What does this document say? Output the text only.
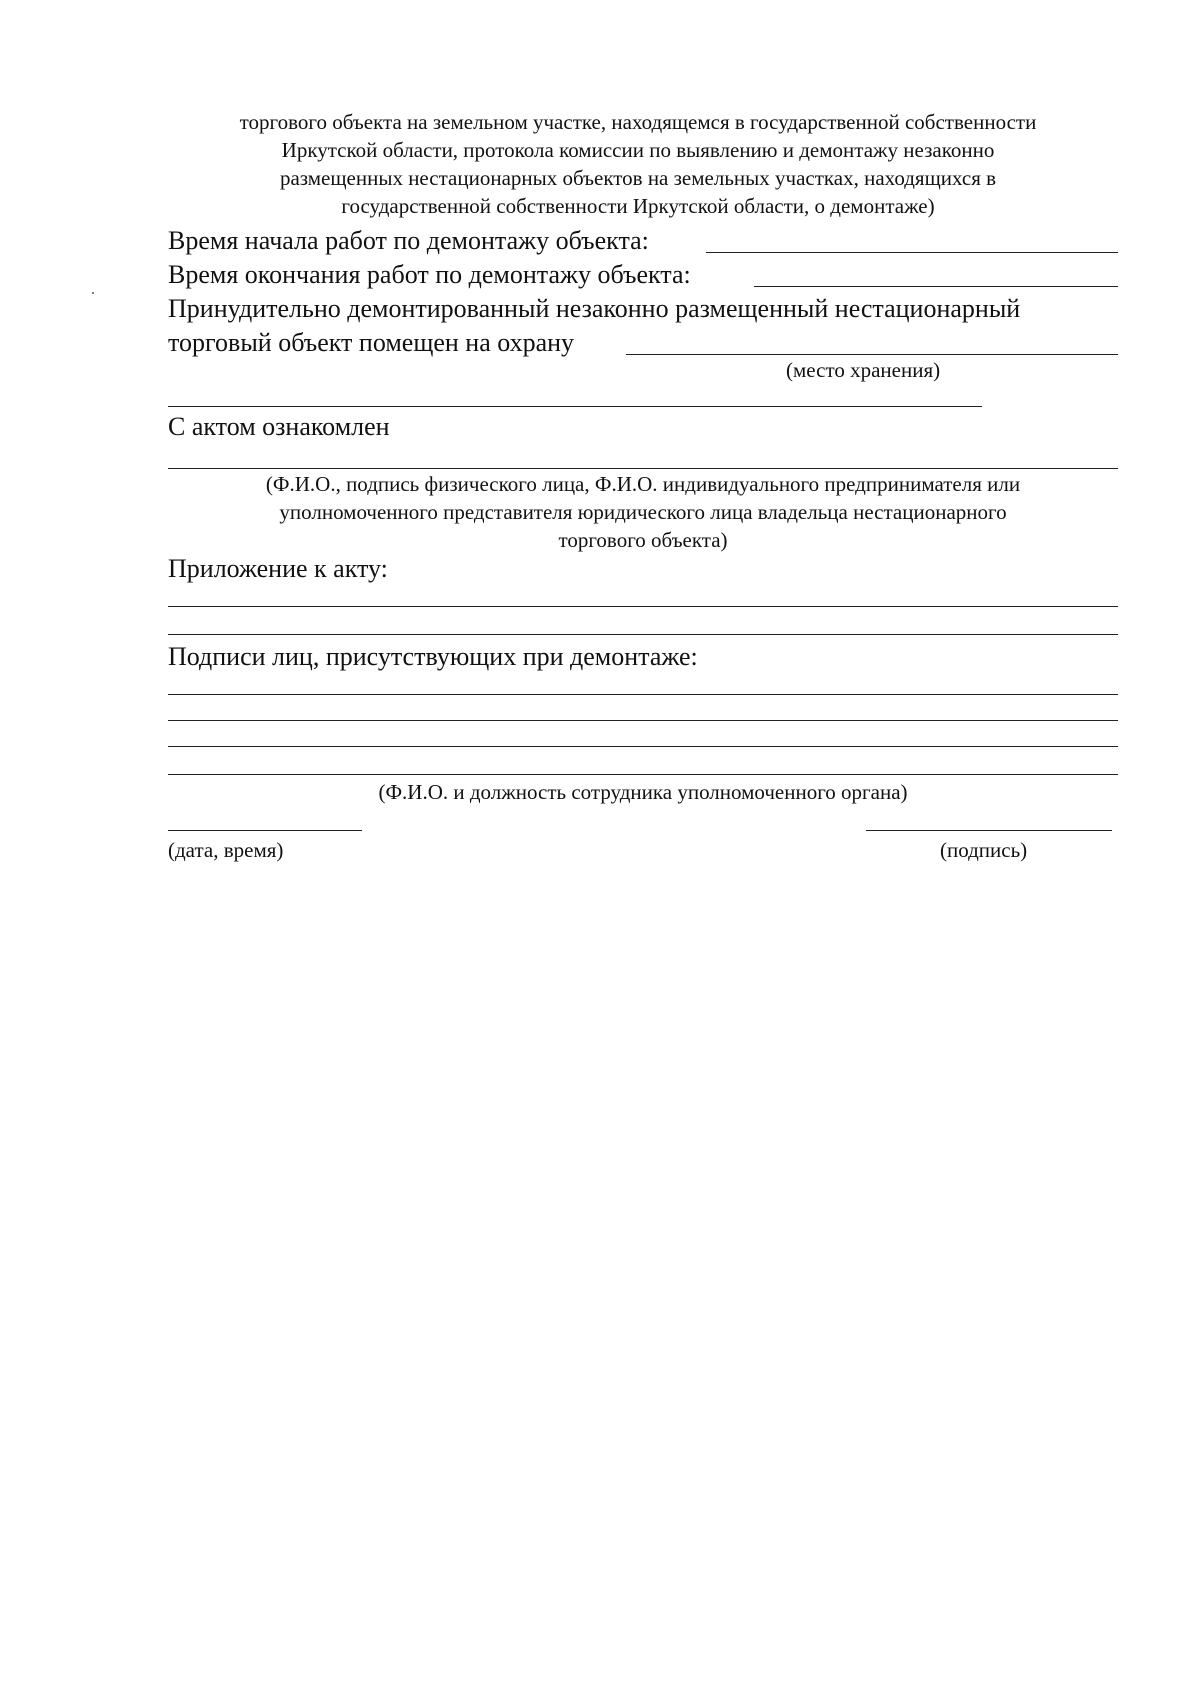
торгового объекта на земельном участке, находящемся в государственной собственности
Иркутской области, протокола комиссии по выявлению и демонтажу незаконно
размещенных нестационарных объектов на земельных участках, находящихся в
государственной собственности Иркутской области, о демонтаже)
Время начала работ по демонтажу объекта:
Время окончания работ по демонтажу объекта:
Принудительно демонтированный незаконно размещенный нестационарный
торговый объект помещен на охрану
(место хранения)
С актом ознакомлен
(Ф.И.О., подпись физического лица, Ф.И.О. индивидуального предпринимателя или
уполномоченного представителя юридического лица владельца нестационарного
торгового объекта)
Приложение к акту:
Подписи лиц, присутствующих при демонтаже:
(Ф.И.О. и должность сотрудника уполномоченного органа)
(дата, время)	(подпись)
